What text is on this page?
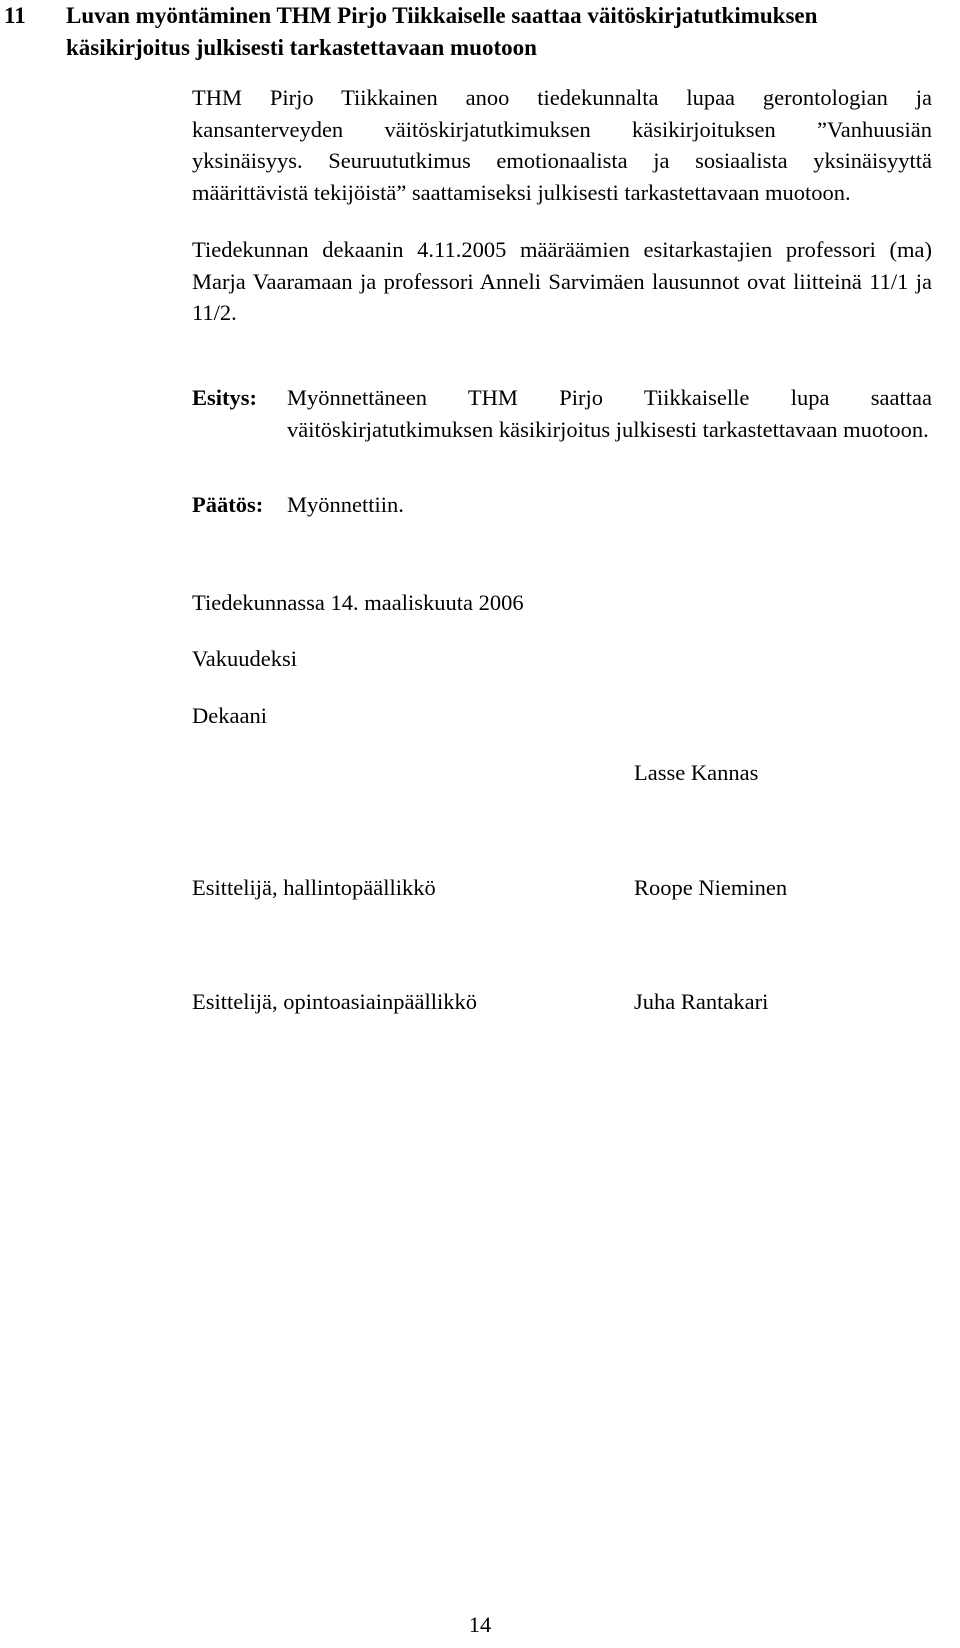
11 Luvan myöntäminen THM Pirjo Tiikkaiselle saattaa väitöskirjatutkimuksen käsikirjoitus julkisesti tarkastettavaan muotoon
THM Pirjo Tiikkainen anoo tiedekunnalta lupaa gerontologian ja kansanterveyden väitöskirjatutkimuksen käsikirjoituksen ”Vanhuusiän yksinäisyys. Seuruututkimus emotionaalista ja sosiaalista yksinäisyyttä määrittävistä tekijöistä” saattamiseksi julkisesti tarkastettavaan muotoon.
Tiedekunnan dekaanin 4.11.2005 määräämien esitarkastajien professori (ma) Marja Vaaramaan ja professori Anneli Sarvimäen lausunnot ovat liitteinä 11/1 ja 11/2.
Esitys: Myönnettäneen THM Pirjo Tiikkaiselle lupa saattaa väitöskirjatutkimuksen käsikirjoitus julkisesti tarkastettavaan muotoon.
Päätös: Myönnettiin.
Tiedekunnassa 14. maaliskuuta 2006
Vakuudeksi
Dekaani
Lasse Kannas
Esittelijä, hallintopäällikkö	Roope Nieminen
Esittelijä, opintoasiainpäällikkö	Juha Rantakari
14
